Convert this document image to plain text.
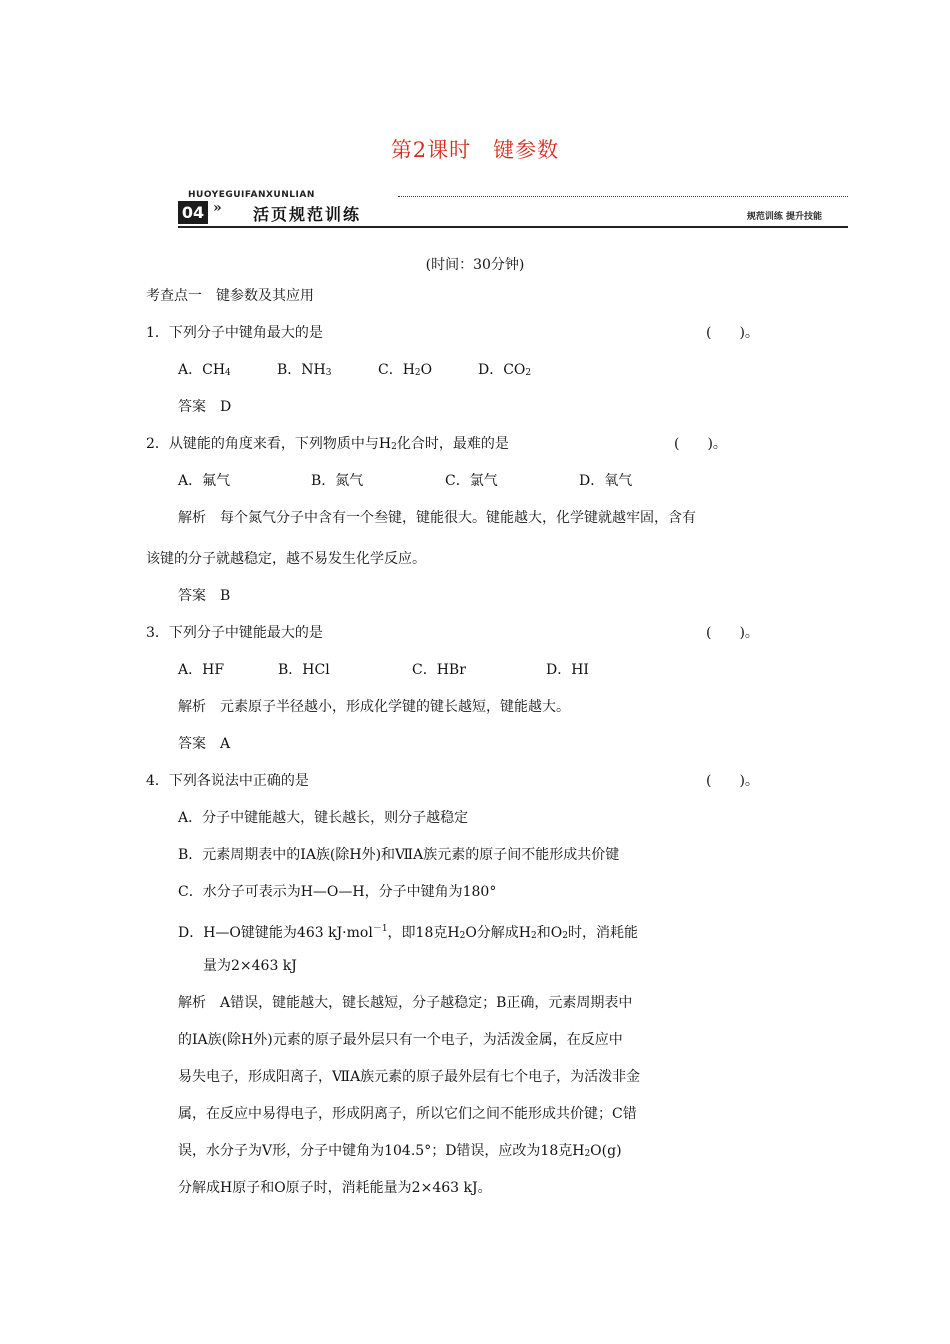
第2课时　键参数
HUOYEGUIFANXUNLIAN
04 » 活页规范训练	规范训练 提升技能
(时间：30分钟)
考查点一　键参数及其应用
1．下列分子中键角最大的是	(　　)。
A．$CH_4$	B．$NH_3$	C．$H_2O$	D．$CO_2$
答案　D
2．从键能的角度来看，下列物质中与$H_2$化合时，最难的是	(　　)。
A．氟气	B．氮气	C．氯气	D．氧气
解析　每个氮气分子中含有一个叁键，键能很大。键能越大，化学键就越牢固，含有
该键的分子就越稳定，越不易发生化学反应。
答案　B
3．下列分子中键能最大的是	(　　)。
A．HF	B．HCl	C．HBr	D．HI
解析　元素原子半径越小，形成化学键的键长越短，键能越大。
答案　A
4．下列各说法中正确的是	(　　)。
A．分子中键能越大，键长越长，则分子越稳定
B．元素周期表中的ⅠA族(除H外)和ⅦA族元素的原子间不能形成共价键
C．水分子可表示为H—O—H，分子中键角为180°
D．H—O键键能为463 kJ·mol$^{-1}$，即18克$H_2O$分解成$H_2$和$O_2$时，消耗能
量为2×463 kJ
解析　A错误，键能越大，键长越短，分子越稳定；B正确，元素周期表中
的ⅠA族(除H外)元素的原子最外层只有一个电子，为活泼金属，在反应中
易失电子，形成阳离子，ⅦA族元素的原子最外层有七个电子，为活泼非金
属，在反应中易得电子，形成阴离子，所以它们之间不能形成共价键；C错
误，水分子为V形，分子中键角为104.5°；D错误，应改为18克$H_2O(g)$
分解成H原子和O原子时，消耗能量为2×463 kJ。
